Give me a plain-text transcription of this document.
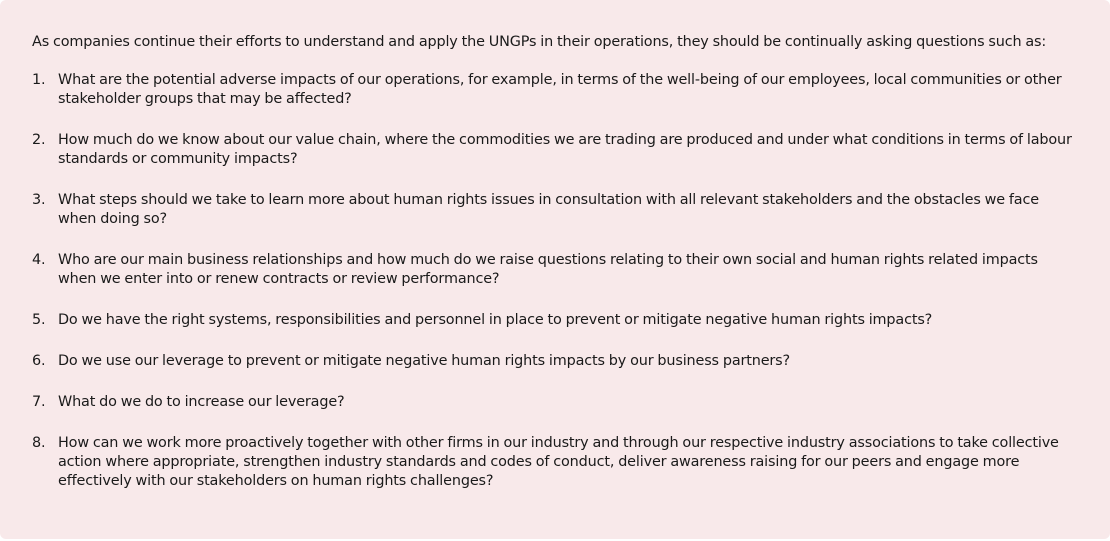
As companies continue their efforts to understand and apply the UNGPs in their operations, they should be continually asking questions such as:

1. What are the potential adverse impacts of our operations, for example, in terms of the well-being of our employees, local communities or other stakeholder groups that may be affected?
2. How much do we know about our value chain, where the commodities we are trading are produced and under what conditions in terms of labour standards or community impacts?
3. What steps should we take to learn more about human rights issues in consultation with all relevant stakeholders and the obstacles we face when doing so?
4. Who are our main business relationships and how much do we raise questions relating to their own social and human rights related impacts when we enter into or renew contracts or review performance?
5. Do we have the right systems, responsibilities and personnel in place to prevent or mitigate negative human rights impacts?
6. Do we use our leverage to prevent or mitigate negative human rights impacts by our business partners?
7. What do we do to increase our leverage?
8. How can we work more proactively together with other firms in our industry and through our respective industry associations to take collective action where appropriate, strengthen industry standards and codes of conduct, deliver awareness raising for our peers and engage more effectively with our stakeholders on human rights challenges?
